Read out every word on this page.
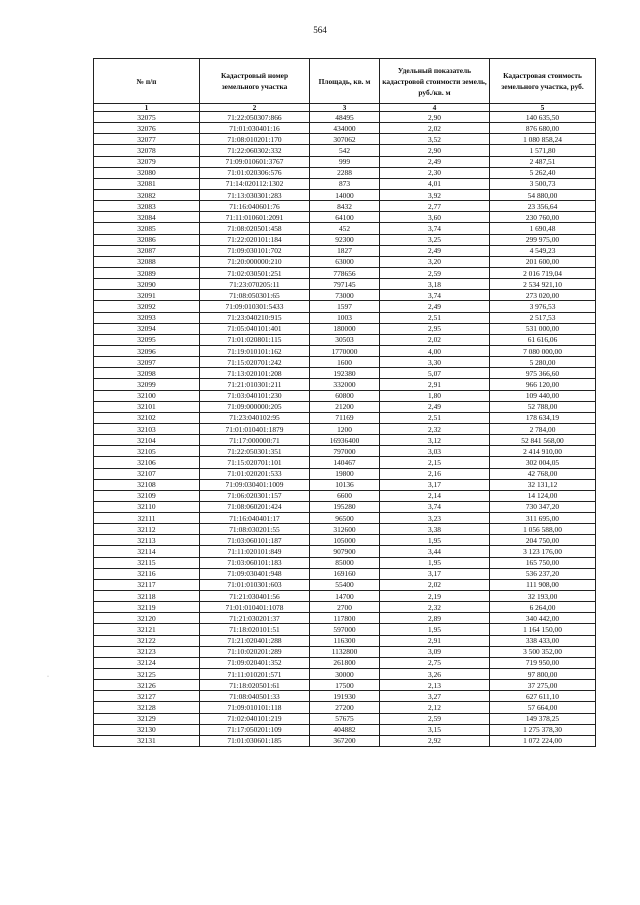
564
·
№ п/п	Кадастровый номер земельного участка	Площадь, кв. м	Удельный показатель кадастровой стоимости земель, руб./кв. м	Кадастровая стоимость земельного участка, руб.
1	2	3	4	5
32075	71:22:050307:866	48495	2,90	140 635,50
32076	71:01:030401:16	434000	2,02	876 680,00
32077	71:08:010201:170	307062	3,52	1 080 858,24
32078	71:22:060302:332	542	2,90	1 571,80
32079	71:09:010601:3767	999	2,49	2 487,51
32080	71:01:020306:576	2288	2,30	5 262,40
32081	71:14:020112:1302	873	4,01	3 500,73
32082	71:13:030301:283	14000	3,92	54 880,00
32083	71:16:040601:76	8432	2,77	23 356,64
32084	71:11:010601:2091	64100	3,60	230 760,00
32085	71:08:020501:458	452	3,74	1 690,48
32086	71:22:020101:184	92300	3,25	299 975,00
32087	71:09:030101:702	1827	2,49	4 549,23
32088	71:20:000000:210	63000	3,20	201 600,00
32089	71:02:030501:251	778656	2,59	2 016 719,04
32090	71:23:070205:11	797145	3,18	2 534 921,10
32091	71:08:050301:65	73000	3,74	273 020,00
32092	71:09:010301:5433	1597	2,49	3 976,53
32093	71:23:040210:915	1003	2,51	2 517,53
32094	71:05:040101:401	180000	2,95	531 000,00
32095	71:01:020801:115	30503	2,02	61 616,06
32096	71:19:010101:162	1770000	4,00	7 080 000,00
32097	71:15:020701:242	1600	3,30	5 280,00
32098	71:13:020101:208	192380	5,07	975 366,60
32099	71:21:010301:211	332000	2,91	966 120,00
32100	71:03:040101:230	60800	1,80	109 440,00
32101	71:09:000000:205	21200	2,49	52 788,00
32102	71:23:040102:95	71169	2,51	178 634,19
32103	71:01:010401:1879	1200	2,32	2 784,00
32104	71:17:000000:71	16936400	3,12	52 841 568,00
32105	71:22:050301:351	797000	3,03	2 414 910,00
32106	71:15:020701:101	140467	2,15	302 004,05
32107	71:01:020201:533	19800	2,16	42 768,00
32108	71:09:030401:1009	10136	3,17	32 131,12
32109	71:06:020301:157	6600	2,14	14 124,00
32110	71:08:060201:424	195280	3,74	730 347,20
32111	71:16:040401:17	96500	3,23	311 695,00
32112	71:08:030201:55	312600	3,38	1 056 588,00
32113	71:03:060101:187	105000	1,95	204 750,00
32114	71:11:020101:849	907900	3,44	3 123 176,00
32115	71:03:060101:183	85000	1,95	165 750,00
32116	71:09:030401:948	169160	3,17	536 237,20
32117	71:01:010301:603	55400	2,02	111 908,00
32118	71:21:030401:56	14700	2,19	32 193,00
32119	71:01:010401:1078	2700	2,32	6 264,00
32120	71:21:030201:37	117800	2,89	340 442,00
32121	71:18:020101:51	597000	1,95	1 164 150,00
32122	71:21:020401:288	116300	2,91	338 433,00
32123	71:10:020201:289	1132800	3,09	3 500 352,00
32124	71:09:020401:352	261800	2,75	719 950,00
32125	71:11:010201:571	30000	3,26	97 800,00
32126	71:18:020501:61	17500	2,13	37 275,00
32127	71:08:040501:33	191930	3,27	627 611,10
32128	71:09:010101:118	27200	2,12	57 664,00
32129	71:02:040101:219	57675	2,59	149 378,25
32130	71:17:050201:109	404882	3,15	1 275 378,30
32131	71:01:030601:185	367200	2,92	1 072 224,00
